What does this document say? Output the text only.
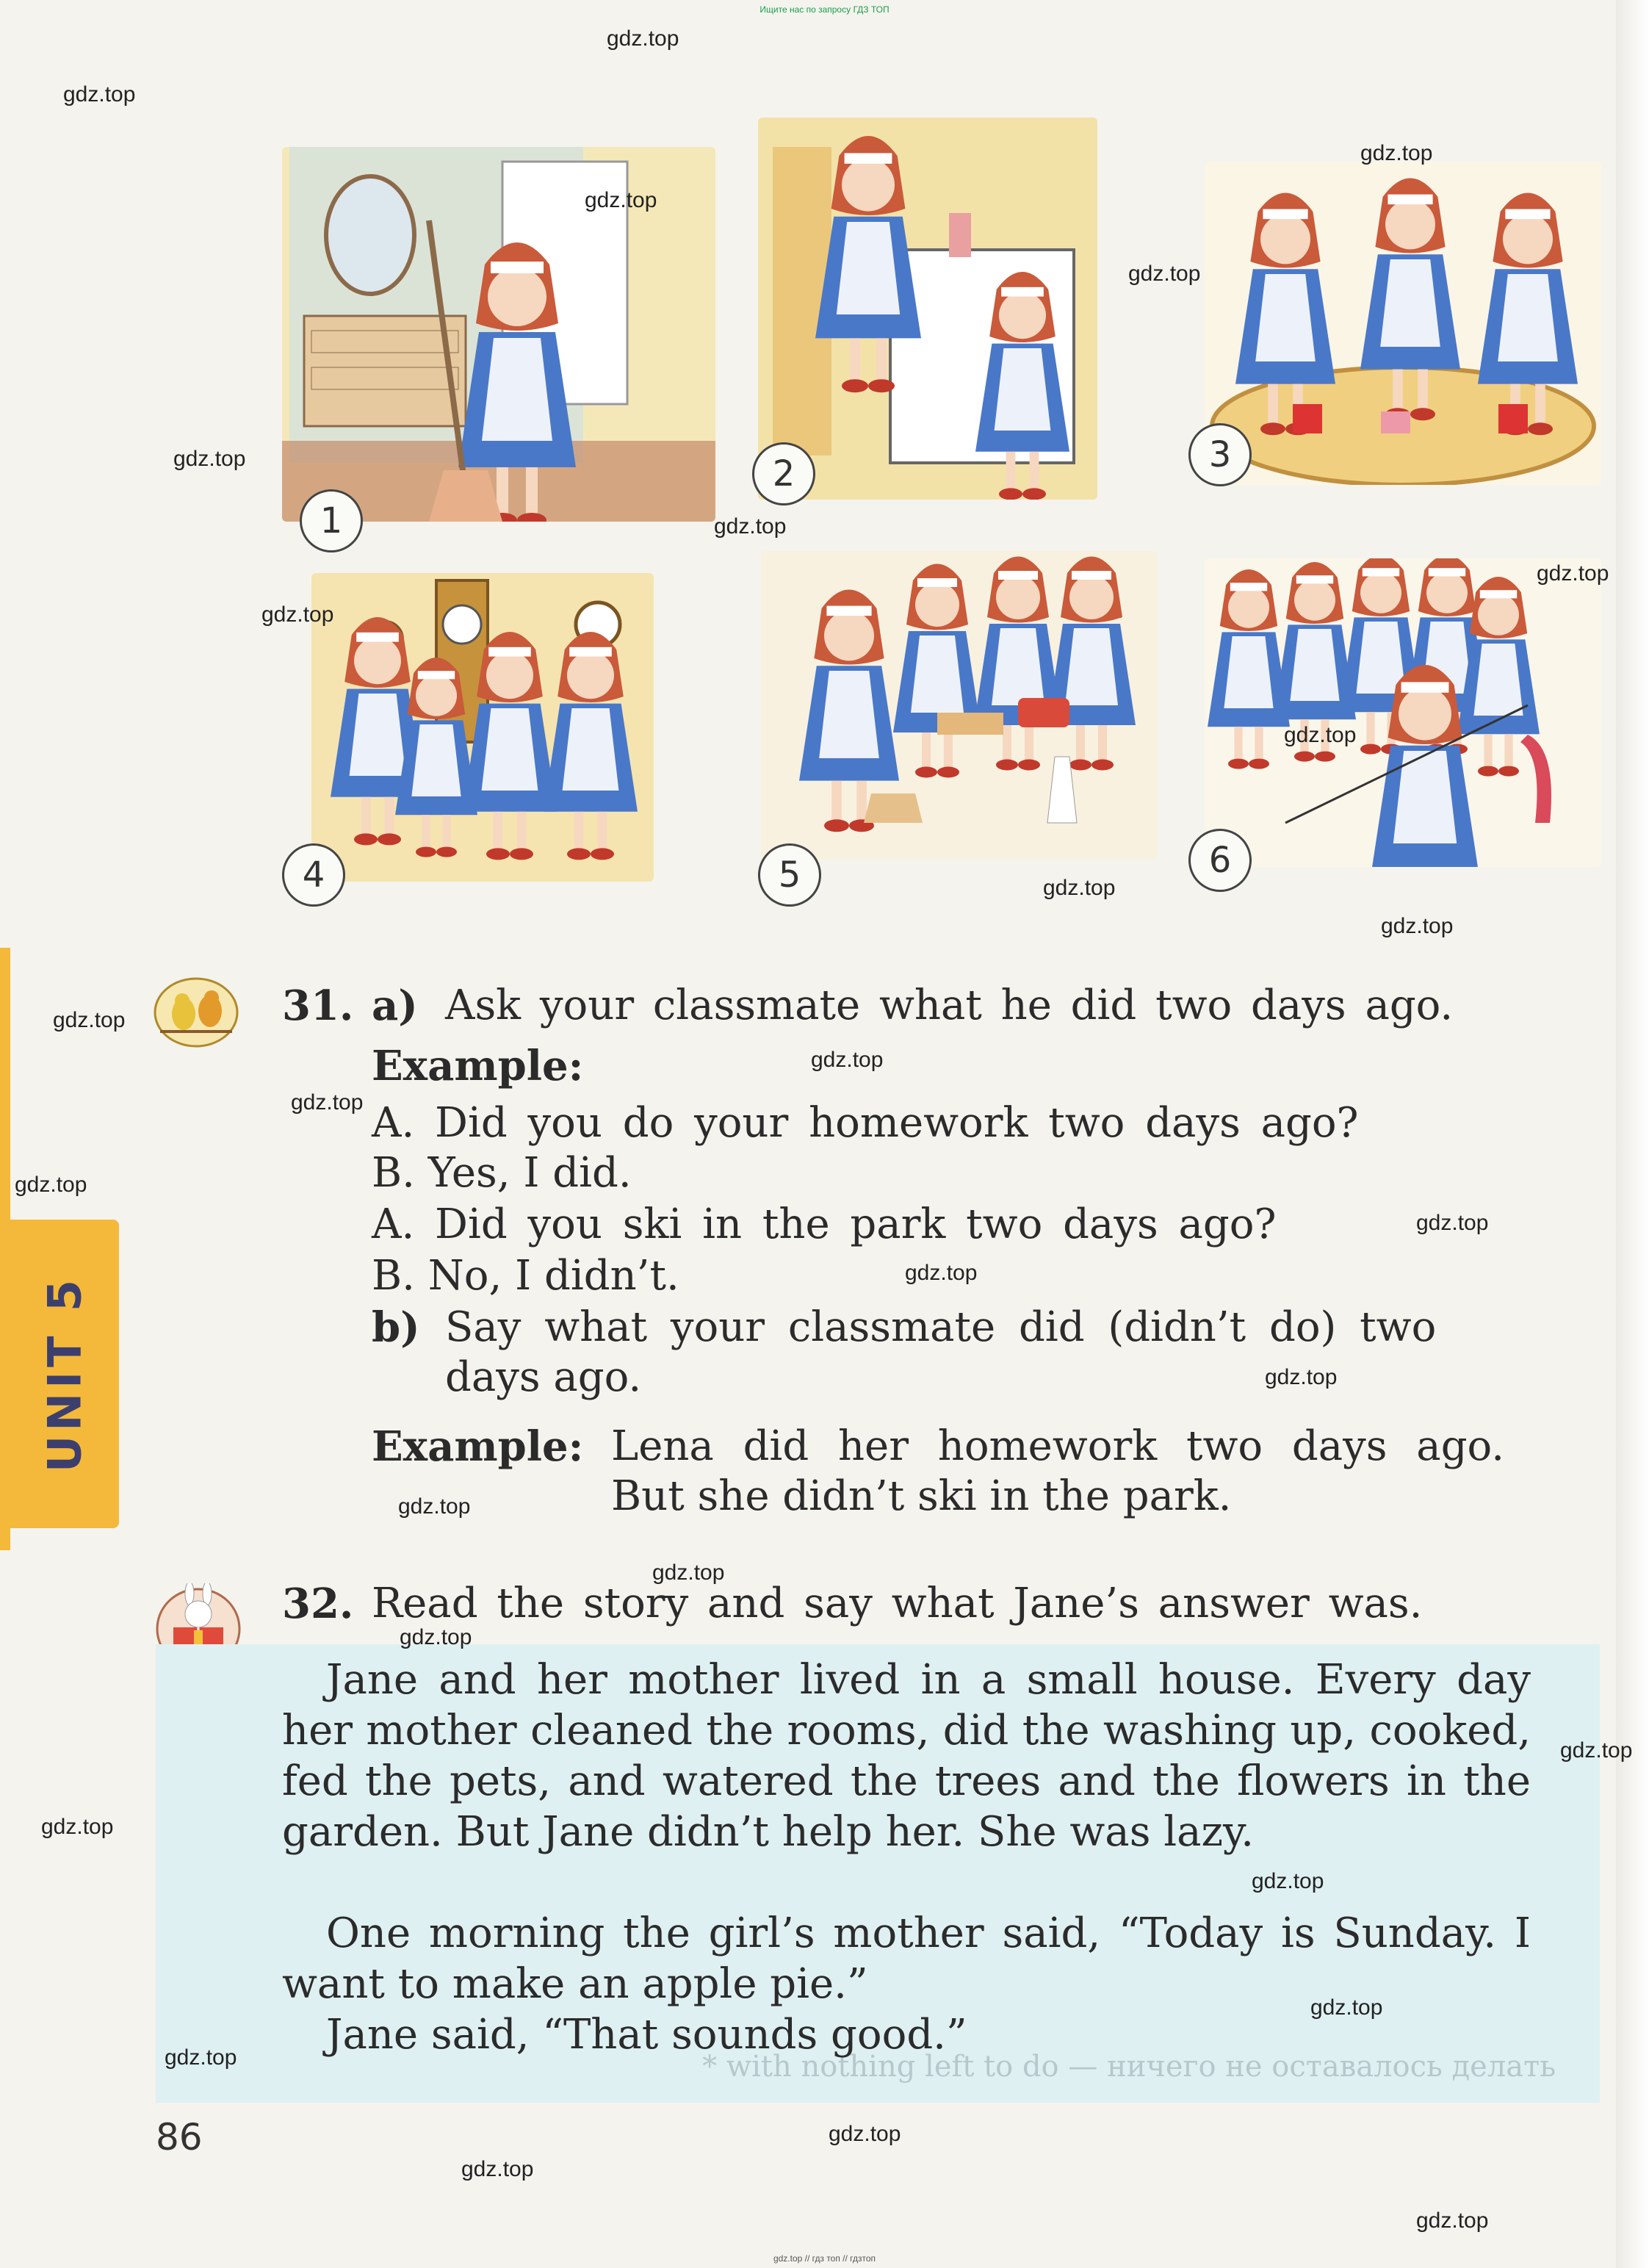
Ищите нас по запросу ГДЗ ТОП
1
2	3
4	5	6
UNIT 5
31. a) Ask your classmate what he did two days ago.
Example:
A. Did you do your homework two days ago?
B. Yes, I did.
A. Did you ski in the park two days ago?
B. No, I didn’t.
b) Say what your classmate did (didn’t do) two
days ago.
Example: Lena did her homework two days ago.
But she didn’t ski in the park.
32. Read the story and say what Jane’s answer was.
* with nothing left to do — ничего не оставалось делать
Jane and her mother lived in a small house. Every day her mother cleaned the rooms, did the washing up, cooked, fed the pets, and watered the trees and the flowers in the garden. But Jane didn’t help her. She was lazy.
One morning the girl’s mother said, “Today is Sunday. I want to make an apple pie.”
Jane said, “That sounds good.”
86
gdz.top
gdz.top
gdz.top
gdz.top
gdz.top
gdz.top
gdz.top
gdz.top
gdz.top
gdz.top
gdz.top
gdz.top
gdz.top
gdz.top
gdz.top
gdz.top
gdz.top
gdz.top
gdz.top
gdz.top
gdz.top
gdz.top
gdz.top
gdz.top
gdz.top
gdz.top
gdz.top
gdz.top
gdz.top
gdz.top
gdz.top // гдз топ // гдзтоп
